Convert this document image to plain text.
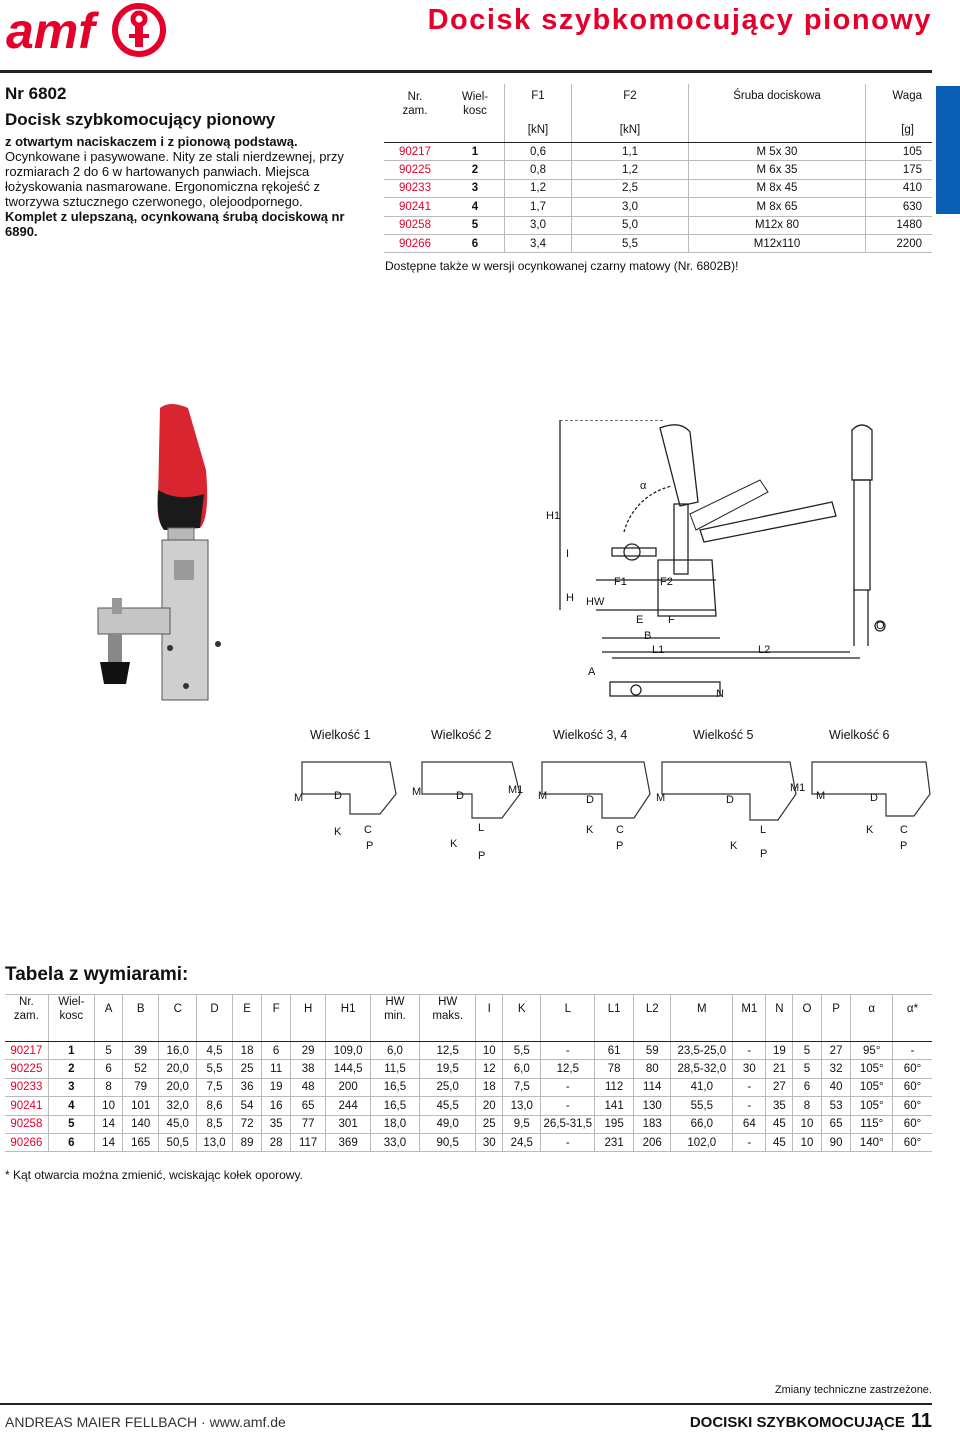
amf	Docisk szybkomocujący pionowy
Nr 6802
Docisk szybkomocujący pionowy
z otwartym naciskaczem i z pionową podstawą.
Ocynkowane i pasywowane. Nity ze stali nierdzewnej, przy rozmiarach 2 do 6 w hartowanych panwiach. Miejsca łożyskowania nasmarowane. Ergonomiczna rękojeść z tworzywa sztucznego czerwonego, olejoodpornego. Komplet z ulepszaną, ocynkowaną śrubą dociskową nr 6890.
Nr.
zam.	Wiel-
kosc	F1	F2	Śruba dociskowa	Waga
		[kN]	[kN]		[g]
90217	1	0,6	1,1	M 5x 30	105
90225	2	0,8	1,2	M 6x 35	175
90233	3	1,2	2,5	M 8x 45	410
90241	4	1,7	3,0	M 8x 65	630
90258	5	3,0	5,0	M12x 80	1480
90266	6	3,4	5,5	M12x110	2200
Dostępne także w wersji ocynkowanej czarny matowy (Nr. 6802B)!
H1
I
H HW
F1	F2
E F
B
L1	L2
A
N
O
α
Wielkość 1	Wielkość 2	Wielkość 3, 4	Wielkość 5	Wielkość 6
M	D
K C
P
M	D
K
L
P
M1 M	D
K C
P
M	D
K
L
P
M1
M	D
K C
P
Tabela z wymiarami:
Nr.
zam.	Wiel-
kosc	A	B	C	D	E	F	H	H1	HW min.	HW maks.	I	K	L	L1	L2	M	M1	N	O	P	α	α*

90217	1	5	39	16,0	4,5	18	6	29	109,0	6,0	12,5	10	5,5	-	61	59	23,5-25,0	-	19	5	27	95°	-
90225	2	6	52	20,0	5,5	25	11	38	144,5	11,5	19,5	12	6,0	12,5	78	80	28,5-32,0	30	21	5	32	105°	60°
90233	3	8	79	20,0	7,5	36	19	48	200	16,5	25,0	18	7,5	-	112	114	41,0	-	27	6	40	105°	60°
90241	4	10	101	32,0	8,6	54	16	65	244	16,5	45,5	20	13,0	-	141	130	55,5	-	35	8	53	105°	60°
90258	5	14	140	45,0	8,5	72	35	77	301	18,0	49,0	25	9,5	26,5-31,5	195	183	66,0	64	45	10	65	115°	60°
90266	6	14	165	50,5	13,0	89	28	117	369	33,0	90,5	30	24,5	-	231	206	102,0	-	45	10	90	140°	60°
* Kąt otwarcia można zmienić, wciskając kołek oporowy.
Zmiany techniczne zastrzeżone.
ANDREAS MAIER FELLBACH · www.amf.de	DOCISKI SZYBKOMOCUJĄCE 11
